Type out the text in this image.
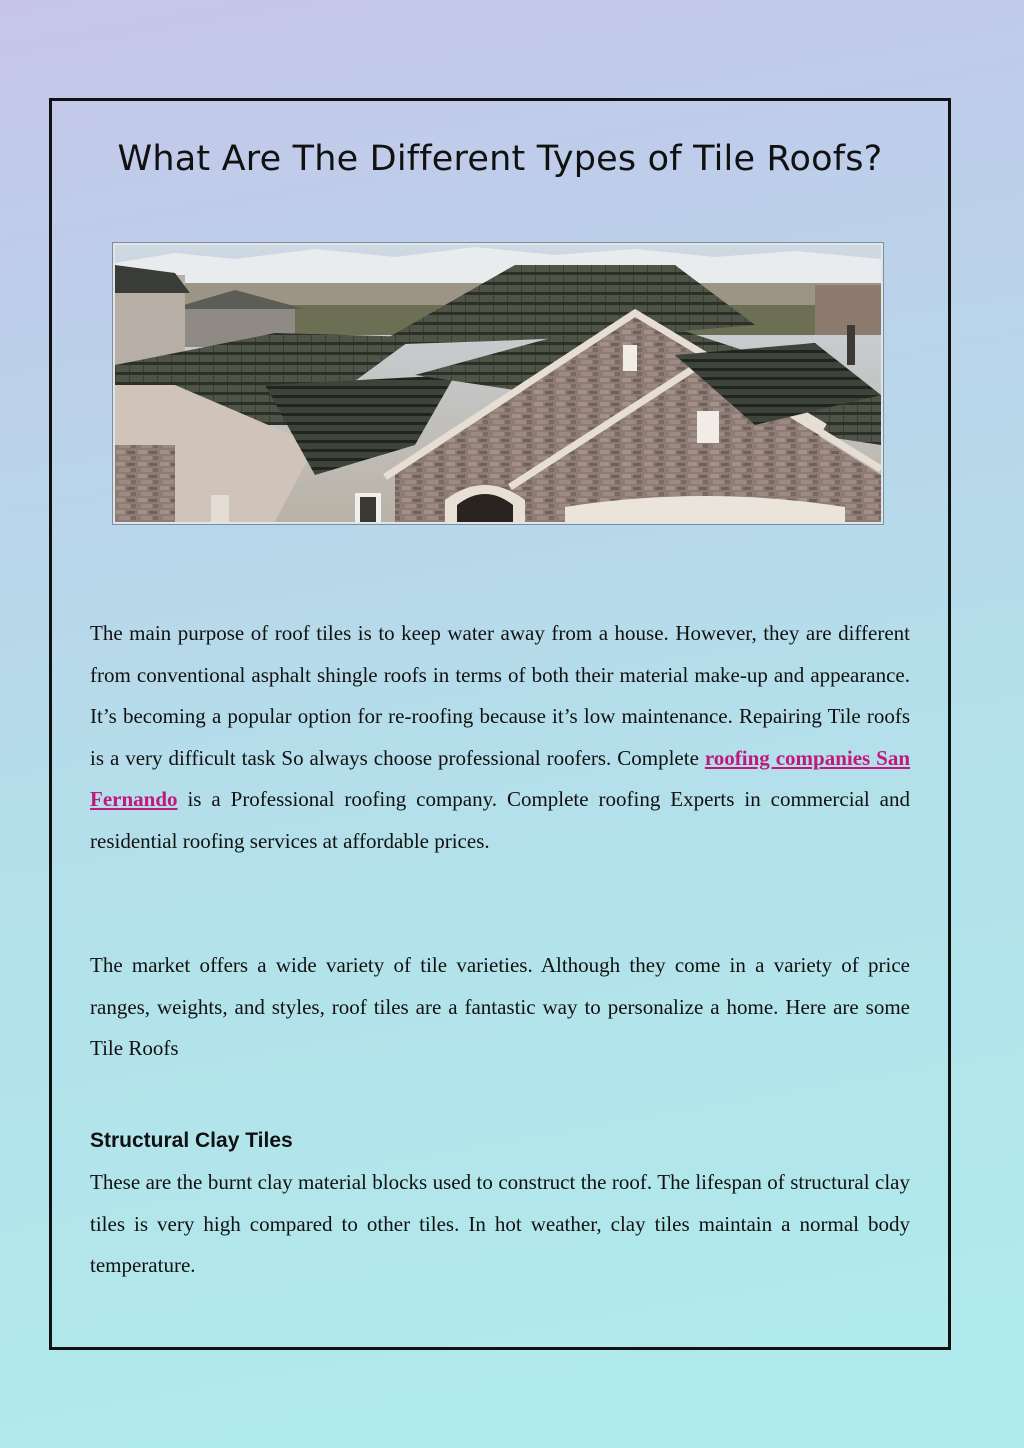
What Are The Different Types of Tile Roofs?

The main purpose of roof tiles is to keep water away from a house. However, they are different from conventional asphalt shingle roofs in terms of both their material make-up and appearance. It’s becoming a popular option for re-roofing because it’s low maintenance. Repairing Tile roofs is a very difficult task So always choose professional roofers. Complete roofing companies San Fernando is a Professional roofing company. Complete roofing Experts in commercial and residential roofing services at affordable prices.

The market offers a wide variety of tile varieties. Although they come in a variety of price ranges, weights, and styles, roof tiles are a fantastic way to personalize a home. Here are some Tile Roofs

Structural Clay Tiles

These are the burnt clay material blocks used to construct the roof. The lifespan of structural clay tiles is very high compared to other tiles. In hot weather, clay tiles maintain a normal body temperature.
